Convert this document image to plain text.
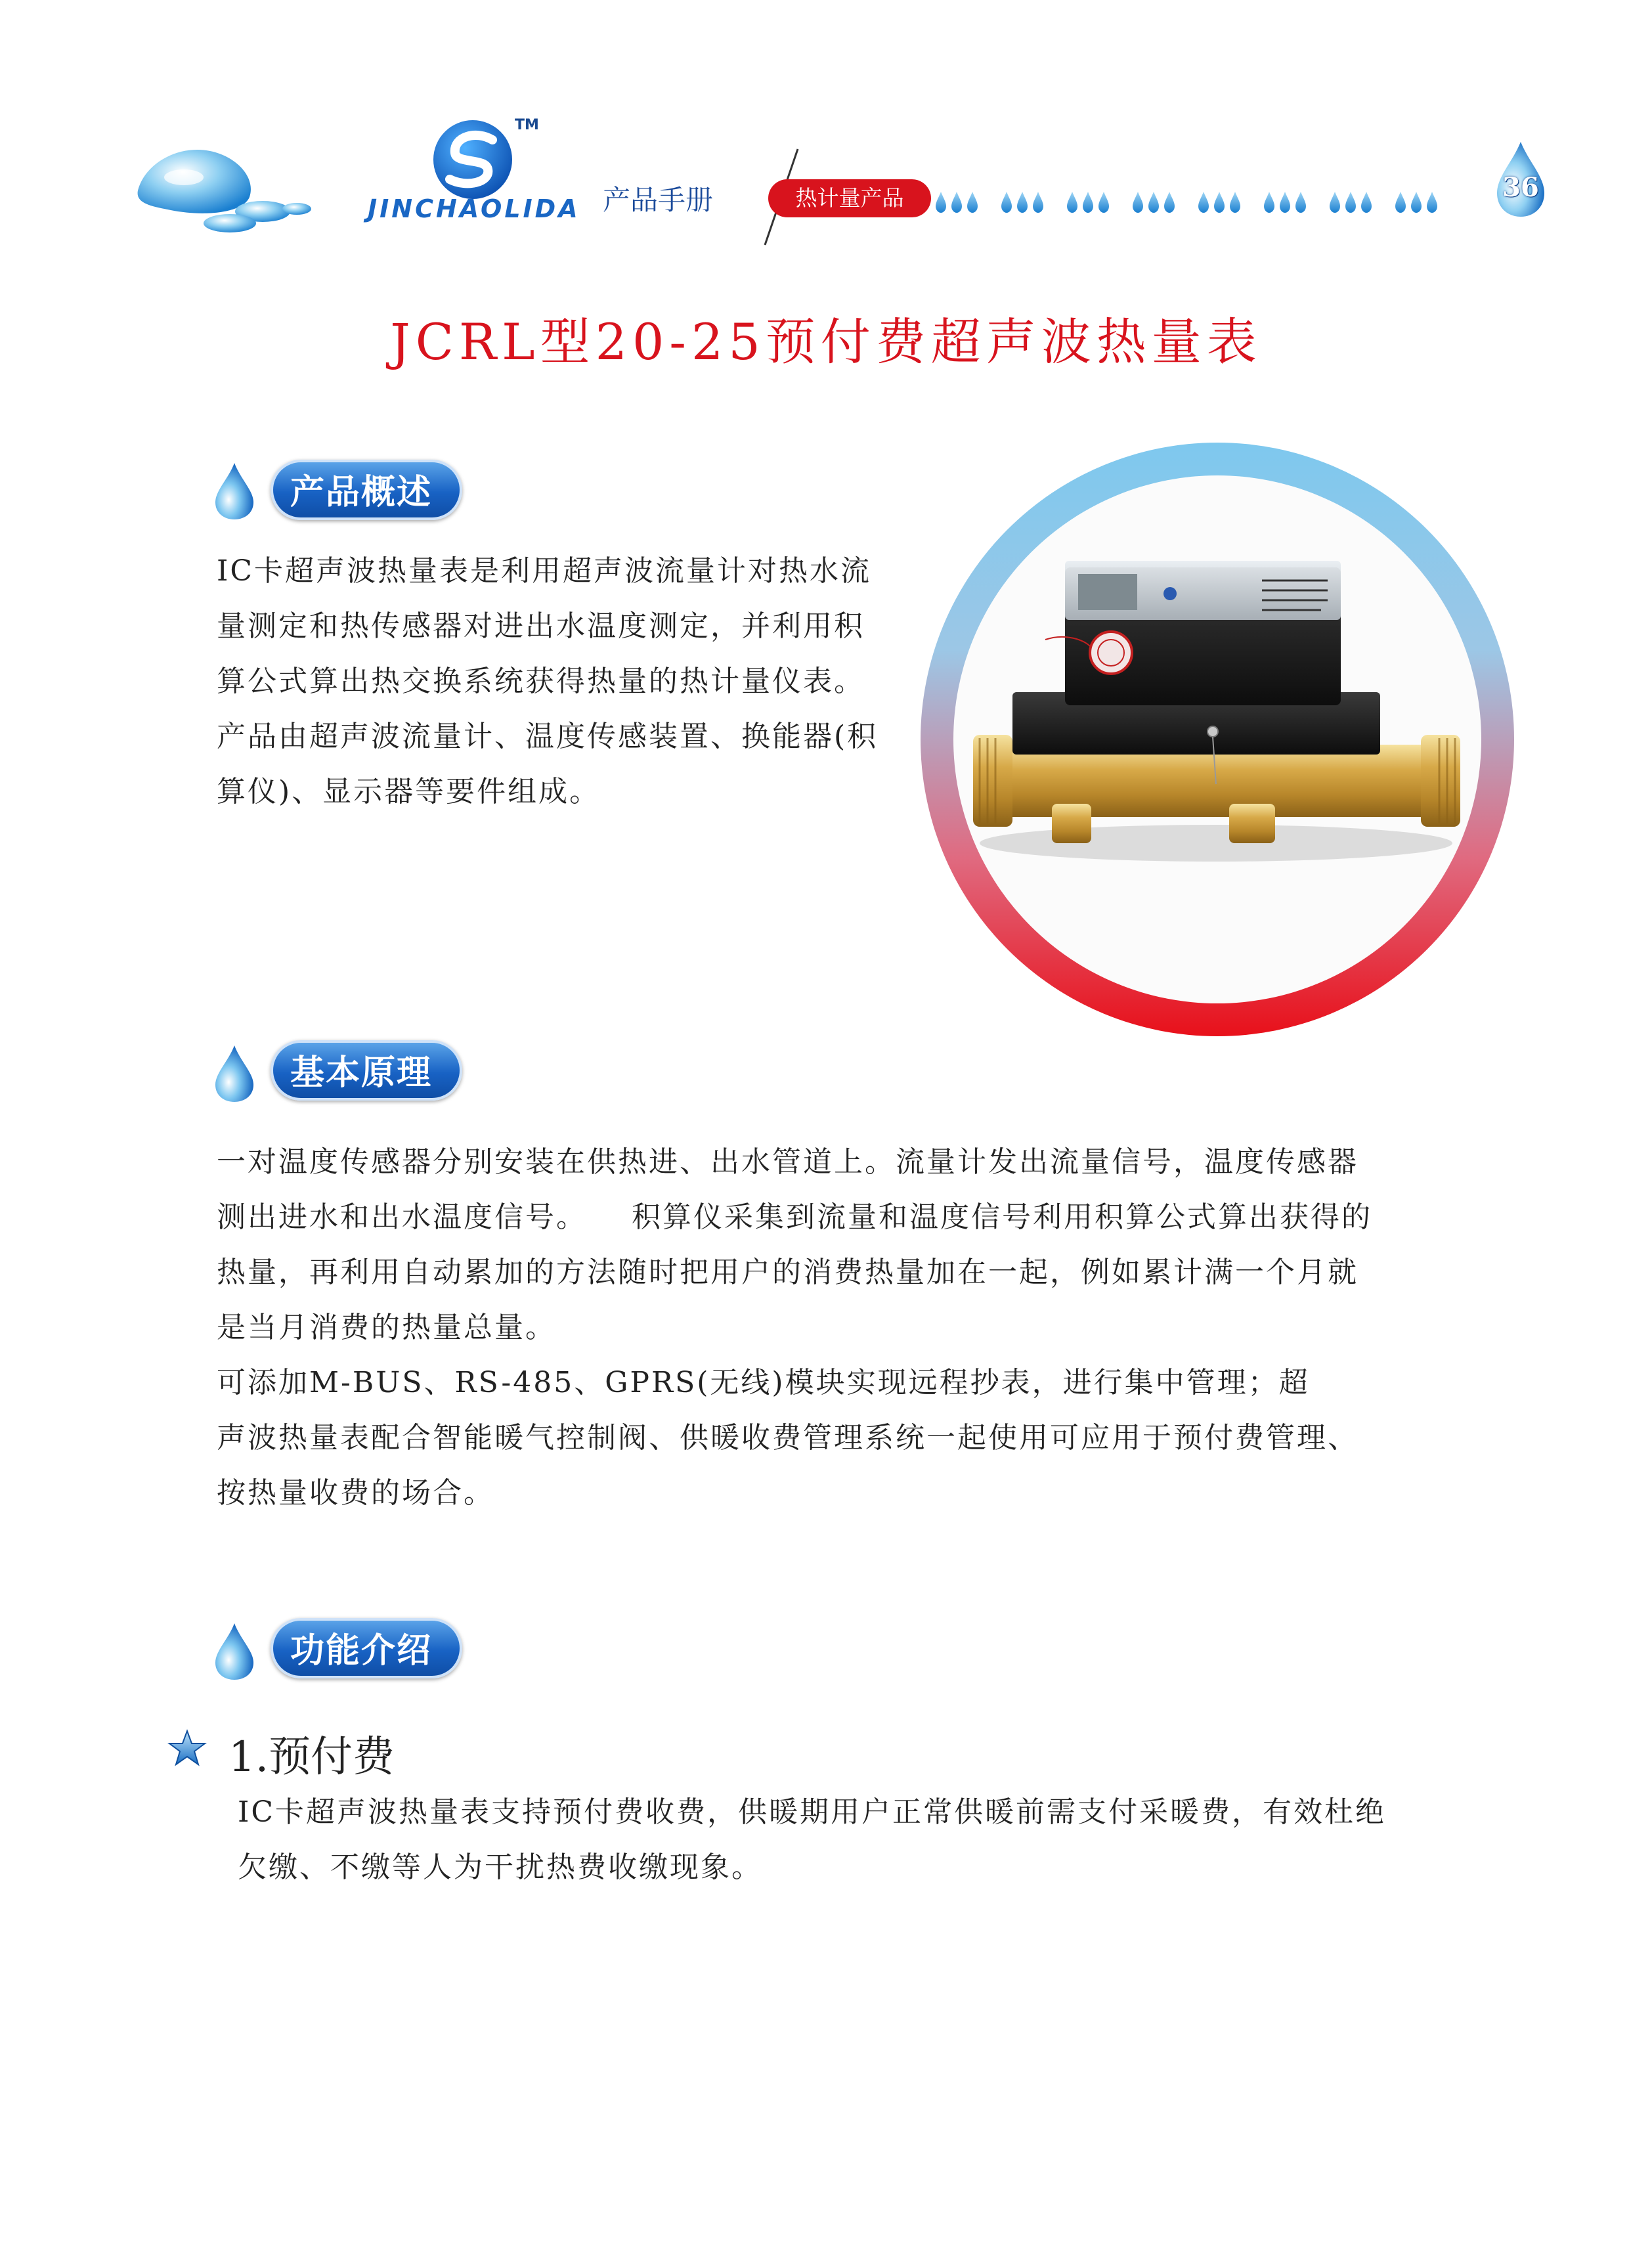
TM
JINCHAOLIDA 产品手册	热计量产品	36
JCRL型20-25预付费超声波热量表
产品概述
IC卡超声波热量表是利用超声波流量计对热水流
量测定和热传感器对进出水温度测定，并利用积
算公式算出热交换系统获得热量的热计量仪表。
产品由超声波流量计、温度传感装置、换能器(积
算仪)、显示器等要件组成。
基本原理
一对温度传感器分别安装在供热进、出水管道上。流量计发出流量信号，温度传感器
测出进水和出水温度信号。    积算仪采集到流量和温度信号利用积算公式算出获得的
热量，再利用自动累加的方法随时把用户的消费热量加在一起，例如累计满一个月就
是当月消费的热量总量。
可添加M-BUS、RS-485、GPRS(无线)模块实现远程抄表，进行集中管理；超
声波热量表配合智能暖气控制阀、供暖收费管理系统一起使用可应用于预付费管理、
按热量收费的场合。
功能介绍
1.预付费
IC卡超声波热量表支持预付费收费，供暖期用户正常供暖前需支付采暖费，有效杜绝
欠缴、不缴等人为干扰热费收缴现象。
